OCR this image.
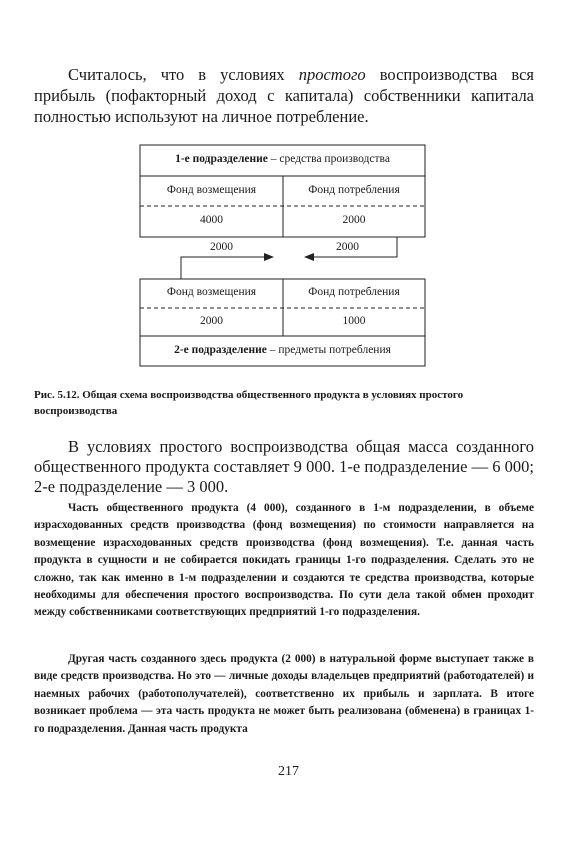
Считалось, что в условиях простого воспроизводства вся прибыль (пофакторный доход с капитала) собственники капитала полностью используют на личное потребление.

1-е подразделение – средства производства
Фонд возмещения	Фонд потребления
4000	2000
2000	2000
Фонд возмещения	Фонд потребления
2000	1000
2-е подразделение – предметы потребления

Рис. 5.12. Общая схема воспроизводства общественного продукта в условиях простого воспроизводства

В условиях простого воспроизводства общая масса созданного общественного продукта составляет 9 000. 1-е подразделение — 6 000; 2-е подразделение — 3 000.

Часть общественного продукта (4 000), созданного в 1-м подразделении, в объеме израсходованных средств производства (фонд возмещения) по стоимости направляется на возмещение израсходованных средств производства (фонд возмещения). Т.е. данная часть продукта в сущности и не собирается покидать границы 1-го подразделения. Сделать это не сложно, так как именно в 1-м подразделении и создаются те средства производства, которые необходимы для обеспечения простого воспроизводства. По сути дела такой обмен проходит между собственниками соответствующих предприятий 1-го подразделения.

Другая часть созданного здесь продукта (2 000) в натуральной форме выступает также в виде средств производства. Но это — личные доходы владельцев предприятий (работодателей) и наемных рабочих (работополучателей), соответственно их прибыль и зарплата. В итоге возникает проблема — эта часть продукта не может быть реализована (обменена) в границах 1-го подразделения. Данная часть продукта

217
